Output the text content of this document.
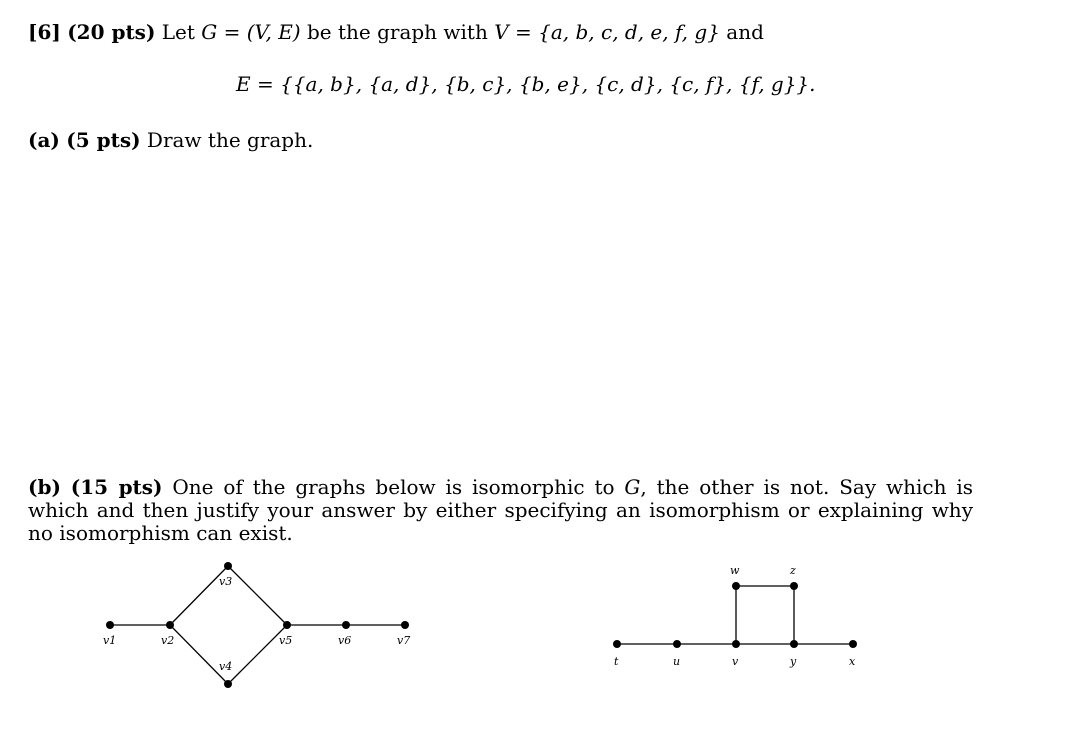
[6] (20 pts) Let G = (V, E) be the graph with V = {a, b, c, d, e, f, g} and
E = {{a, b}, {a, d}, {b, c}, {b, e}, {c, d}, {c, f}, {f, g}}.
(a) (5 pts) Draw the graph.
(b) (15 pts) One of the graphs below is isomorphic to G, the other is not. Say which is which and then justify your answer by either specifying an isomorphism or explaining why no isomorphism can exist.
v1	v2
v3
v4
v5	v6	v7
t	u	v	y	x
w	z
